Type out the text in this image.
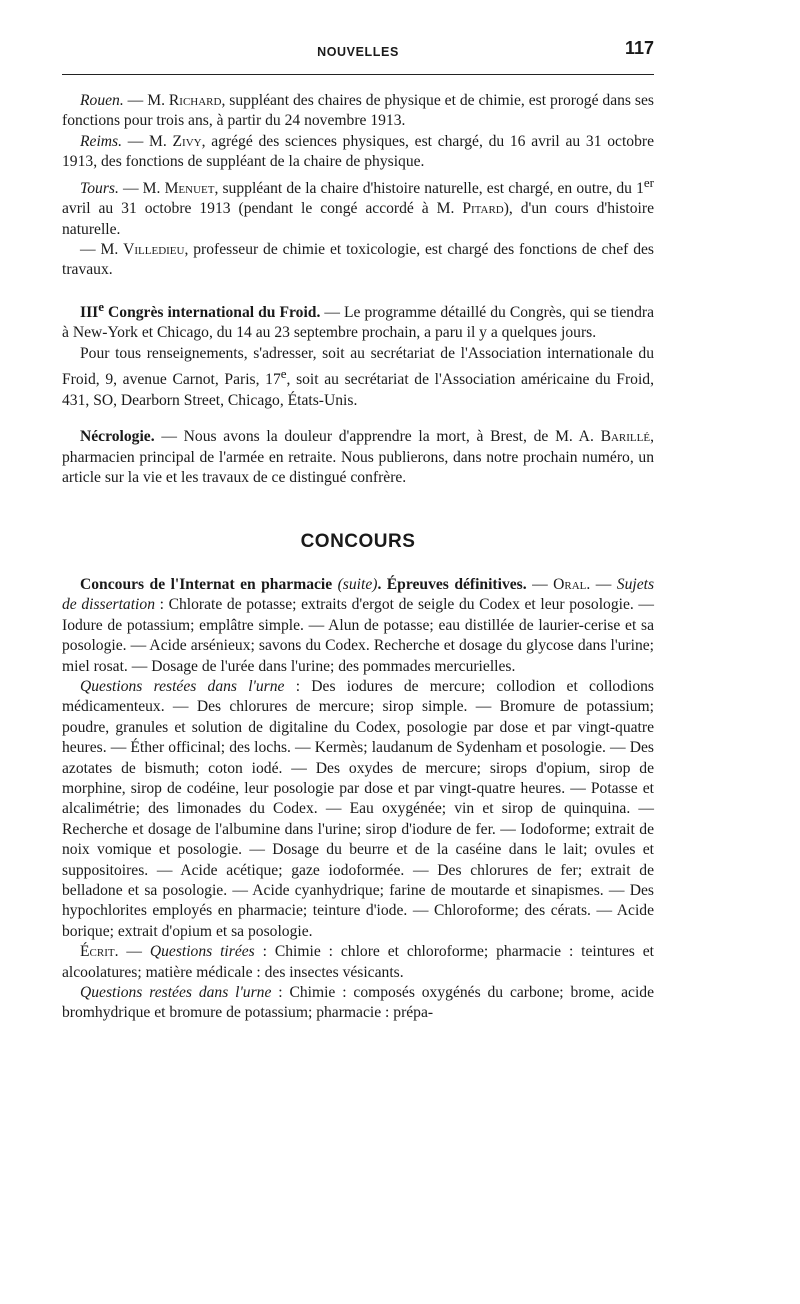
NOUVELLES	117

Rouen. — M. Richard, suppléant des chaires de physique et de chimie, est prorogé dans ses fonctions pour trois ans, à partir du 24 novembre 1913.

Reims. — M. Zivy, agrégé des sciences physiques, est chargé, du 16 avril au 31 octobre 1913, des fonctions de suppléant de la chaire de physique.

Tours. — M. Menuet, suppléant de la chaire d'histoire naturelle, est chargé, en outre, du 1er avril au 31 octobre 1913 (pendant le congé accordé à M. Pitard), d'un cours d'histoire naturelle.

— M. Villedieu, professeur de chimie et toxicologie, est chargé des fonctions de chef des travaux.

IIIe Congrès international du Froid. — Le programme détaillé du Congrès, qui se tiendra à New-York et Chicago, du 14 au 23 septembre prochain, a paru il y a quelques jours.

Pour tous renseignements, s'adresser, soit au secrétariat de l'Association internationale du Froid, 9, avenue Carnot, Paris, 17e, soit au secrétariat de l'Association américaine du Froid, 431, SO, Dearborn Street, Chicago, États-Unis.

Nécrologie. — Nous avons la douleur d'apprendre la mort, à Brest, de M. A. Barillé, pharmacien principal de l'armée en retraite. Nous publierons, dans notre prochain numéro, un article sur la vie et les travaux de ce distingué confrère.

CONCOURS

Concours de l'Internat en pharmacie (suite). Épreuves définitives. — Oral. — Sujets de dissertation : Chlorate de potasse; extraits d'ergot de seigle du Codex et leur posologie. — Iodure de potassium; emplâtre simple. — Alun de potasse; eau distillée de laurier-cerise et sa posologie. — Acide arsénieux; savons du Codex. Recherche et dosage du glycose dans l'urine; miel rosat. — Dosage de l'urée dans l'urine; des pommades mercurielles.

Questions restées dans l'urne : Des iodures de mercure; collodion et collodions médicamenteux. — Des chlorures de mercure; sirop simple. — Bromure de potassium; poudre, granules et solution de digitaline du Codex, posologie par dose et par vingt-quatre heures. — Éther officinal; des lochs. — Kermès; laudanum de Sydenham et posologie. — Des azotates de bismuth; coton iodé. — Des oxydes de mercure; sirops d'opium, sirop de morphine, sirop de codéine, leur posologie par dose et par vingt-quatre heures. — Potasse et alcalimétrie; des limonades du Codex. — Eau oxygénée; vin et sirop de quinquina. — Recherche et dosage de l'albumine dans l'urine; sirop d'iodure de fer. — Iodoforme; extrait de noix vomique et posologie. — Dosage du beurre et de la caséine dans le lait; ovules et suppositoires. — Acide acétique; gaze iodoformée. — Des chlorures de fer; extrait de belladone et sa posologie. — Acide cyanhydrique; farine de moutarde et sinapismes. — Des hypochlorites employés en pharmacie; teinture d'iode. — Chloroforme; des cérats. — Acide borique; extrait d'opium et sa posologie.

Écrit. — Questions tirées : Chimie : chlore et chloroforme; pharmacie : teintures et alcoolatures; matière médicale : des insectes vésicants.

Questions restées dans l'urne : Chimie : composés oxygénés du carbone; brome, acide bromhydrique et bromure de potassium; pharmacie : prépa-
